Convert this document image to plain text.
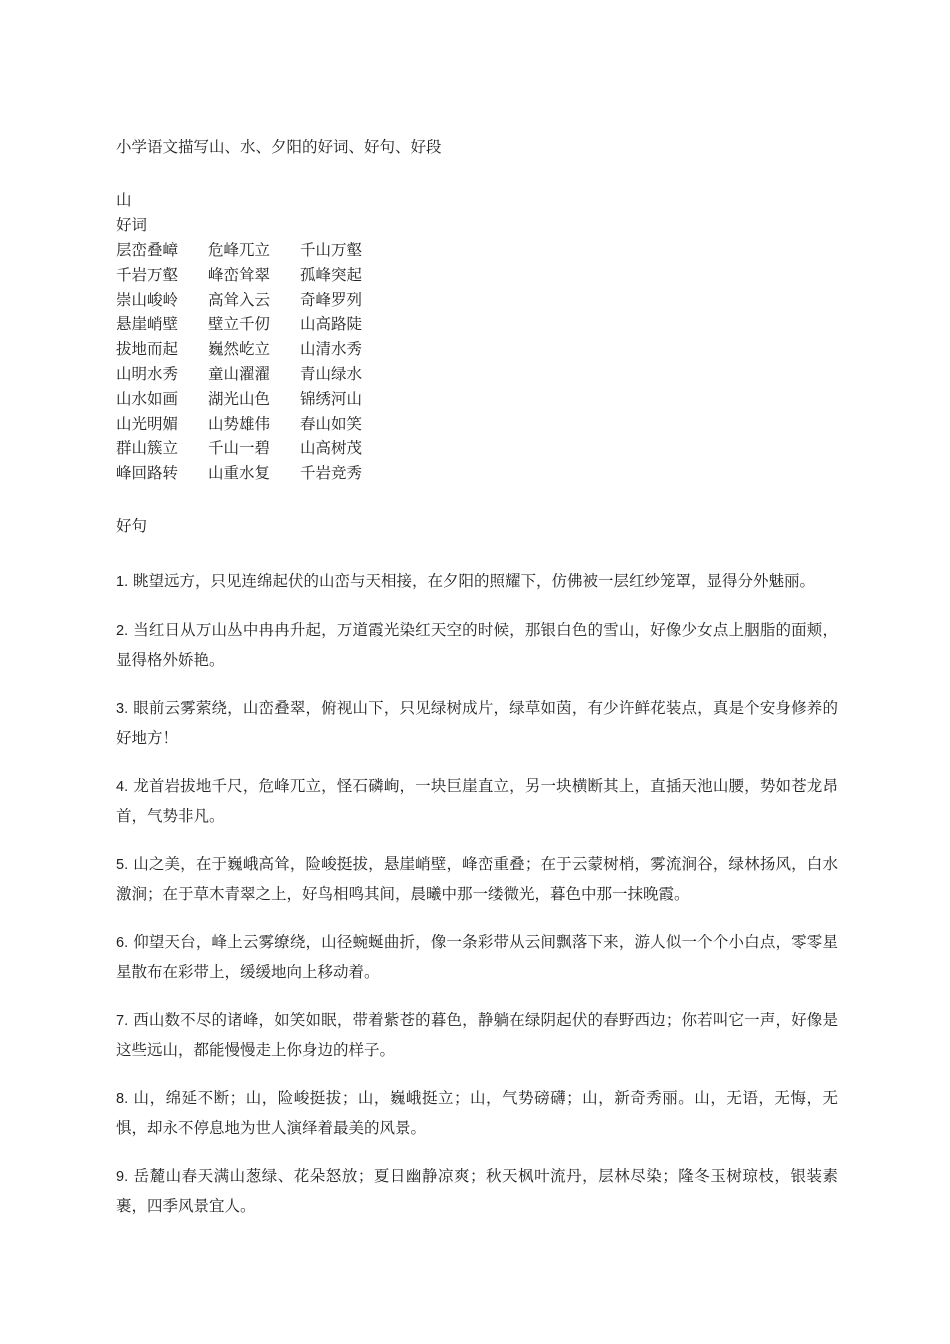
小学语文描写山、水、夕阳的好词、好句、好段
山
好词
层峦叠嶂	危峰兀立	千山万壑
千岩万壑	峰峦耸翠	孤峰突起
崇山峻岭	高耸入云	奇峰罗列
悬崖峭壁	壁立千仞	山高路陡
拔地而起	巍然屹立	山清水秀
山明水秀	童山濯濯	青山绿水
山水如画	湖光山色	锦绣河山
山光明媚	山势雄伟	春山如笑
群山簇立	千山一碧	山高树茂
峰回路转	山重水复	千岩竞秀
好句

1. 眺望远方，只见连绵起伏的山峦与天相接，在夕阳的照耀下，仿佛被一层红纱笼罩，显得分外魅丽。

2. 当红日从万山丛中冉冉升起，万道霞光染红天空的时候，那银白色的雪山，好像少女点上胭脂的面颊，显得格外娇艳。

3. 眼前云雾萦绕，山峦叠翠，俯视山下，只见绿树成片，绿草如茵，有少许鲜花装点，真是个安身修养的好地方！

4. 龙首岩拔地千尺，危峰兀立，怪石磷峋，一块巨崖直立，另一块横断其上，直插天池山腰，势如苍龙昂首，气势非凡。

5. 山之美，在于巍峨高耸，险峻挺拔，悬崖峭壁，峰峦重叠；在于云蒙树梢，雾流涧谷，绿林扬风，白水激涧；在于草木青翠之上，好鸟相鸣其间，晨曦中那一缕微光，暮色中那一抹晚霞。

6. 仰望天台，峰上云雾缭绕，山径蜿蜒曲折，像一条彩带从云间飘落下来，游人似一个个小白点，零零星星散布在彩带上，缓缓地向上移动着。

7. 西山数不尽的诸峰，如笑如眠，带着紫苍的暮色，静躺在绿阴起伏的春野西边；你若叫它一声，好像是这些远山，都能慢慢走上你身边的样子。

8. 山，绵延不断；山，险峻挺拔；山，巍峨挺立；山，气势磅礴；山，新奇秀丽。山，无语，无悔，无惧，却永不停息地为世人演绎着最美的风景。

9. 岳麓山春天满山葱绿、花朵怒放；夏日幽静凉爽；秋天枫叶流丹，层林尽染；隆冬玉树琼枝，银装素裹，四季风景宜人。
